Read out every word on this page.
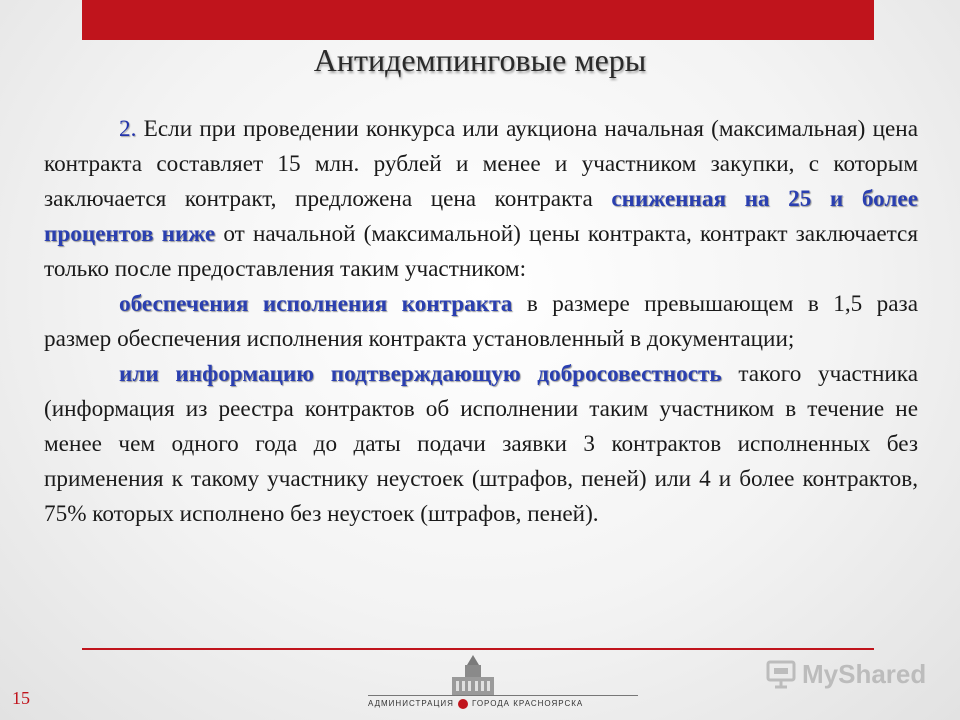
Антидемпинговые меры

2. Если при проведении конкурса или аукциона начальная (максимальная) цена контракта составляет 15 млн. рублей и менее и участником закупки, с которым заключается контракт, предложена цена контракта сниженная на 25 и более процентов ниже от начальной (максимальной) цены контракта, контракт заключается только после предоставления таким участником:

обеспечения исполнения контракта в размере превышающем в 1,5 раза размер обеспечения исполнения контракта установленный в документации;

или информацию подтверждающую добросовестность такого участника (информация из реестра контрактов об исполнении таким участником в течение не менее чем одного года до даты подачи заявки 3 контрактов исполненных без применения к такому участнику неустоек (штрафов, пеней) или 4 и более контрактов, 75% которых исполнено без неустоек (штрафов, пеней).

15	АДМИНИСТРАЦИЯ ГОРОДА КРАСНОЯРСКА
MyShared
